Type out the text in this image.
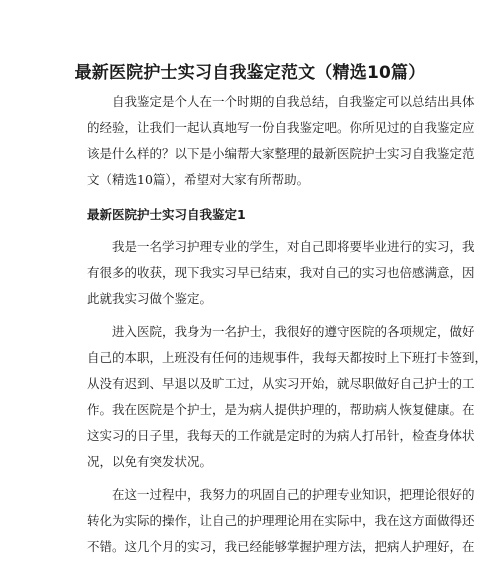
最新医院护士实习自我鉴定范文（精选10篇）
　　自我鉴定是个人在一个时期的自我总结，自我鉴定可以总结出具体
的经验，让我们一起认真地写一份自我鉴定吧。你所见过的自我鉴定应
该是什么样的？以下是小编帮大家整理的最新医院护士实习自我鉴定范
文（精选10篇），希望对大家有所帮助。
最新医院护士实习自我鉴定1
　　我是一名学习护理专业的学生，对自己即将要毕业进行的实习，我
有很多的收获，现下我实习早已结束，我对自己的实习也倍感满意，因
此就我实习做个鉴定。
　　进入医院，我身为一名护士，我很好的遵守医院的各项规定，做好
自己的本职，上班没有任何的违规事件，我每天都按时上下班打卡签到，
从没有迟到、早退以及旷工过，从实习开始，就尽职做好自己护士的工
作。我在医院是个护士，是为病人提供护理的，帮助病人恢复健康。在
这实习的日子里，我每天的工作就是定时的为病人打吊针，检查身体状
况，以免有突发状况。
　　在这一过程中，我努力的巩固自己的护理专业知识，把理论很好的
转化为实际的操作，让自己的护理理论用在实际中，我在这方面做得还
不错。这几个月的实习，我已经能够掌握护理方法，把病人护理好，在
